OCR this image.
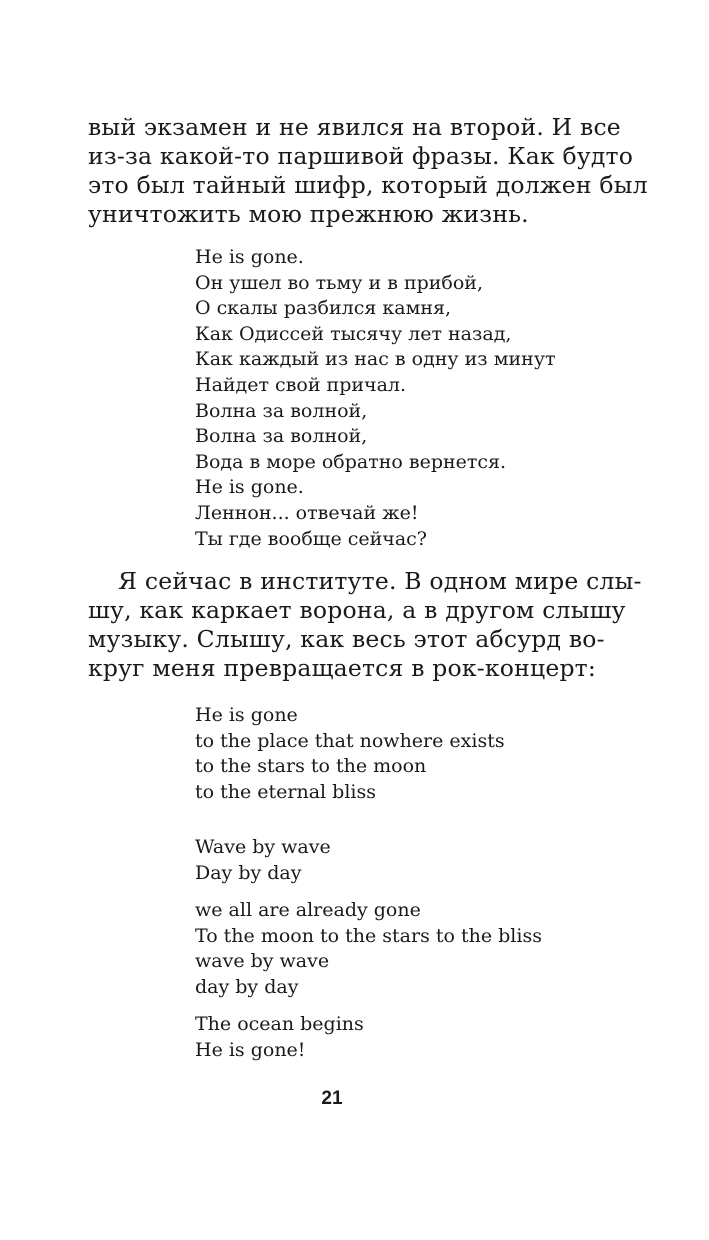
вый экзамен и не явился на второй. И все
из-за какой-то паршивой фразы. Как будто
это был тайный шифр, который должен был
уничтожить мою прежнюю жизнь.
He is gone.
Он ушел во тьму и в прибой,
О скалы разбился камня,
Как Одиссей тысячу лет назад,
Как каждый из нас в одну из минут
Найдет свой причал.
Волна за волной,
Волна за волной,
Вода в море обратно вернется.
He is gone.
Леннон... отвечай же!
Ты где вообще сейчас?
Я сейчас в институте. В одном мире слы-
шу, как каркает ворона, а в другом слышу
музыку. Слышу, как весь этот абсурд во-
круг меня превращается в рок-концерт:
He is gone
to the place that nowhere exists
to the stars to the moon
to the eternal bliss
Wave by wave
Day by day
we all are already gone
To the moon to the stars to the bliss
wave by wave
day by day
The ocean begins
He is gone!
21
